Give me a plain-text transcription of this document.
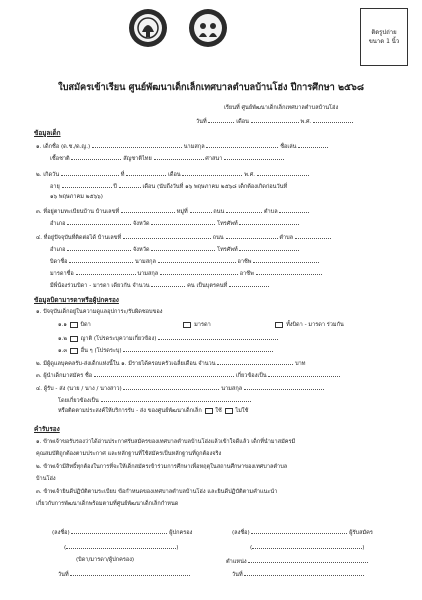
ติดรูปถ่าย
ขนาด 1 นิ้ว
ใบสมัครเข้าเรียน ศูนย์พัฒนาเด็กเล็กเทศบาลตำบลบ้านโฮ่ง ปีการศึกษา ๒๕๖๘
เรียนที่ ศูนย์พัฒนาเด็กเล็กเทศบาลตำบลบ้านโฮ่ง
วันที่	เดือน	พ.ศ.
ข้อมูลเด็ก
๑. เด็กชื่อ (ด.ช./ด.ญ.)	นามสกุล	ชื่อเล่น
เชื้อชาติ	สัญชาติไทย	ศาสนา
๒. เกิดวัน	ที่	เดือน	พ.ศ.
อายุ	ปี	เดือน (นับถึงวันที่ ๑๖ พฤษภาคม ๒๕๖๘ เด็กต้องเกิดก่อนวันที่
๑๖ พฤษภาคม ๒๕๖๖)
๓. ที่อยู่ตามทะเบียนบ้าน บ้านเลขที่	หมู่ที่	ถนน	ตำบล
อำเภอ	จังหวัด	โทรศัพท์
๔. ที่อยู่ปัจจุบันที่ติดต่อได้ บ้านเลขที่	ถนน	ตำบล
อำเภอ	จังหวัด	โทรศัพท์
บิดาชื่อ	นามสกุล	อาชีพ
มารดาชื่อ	นามสกุล	อาชีพ
มีพี่น้องร่วมบิดา - มารดา เดียวกัน จำนวน	คน เป็นบุตรคนที่
ข้อมูลบิดามารดาหรือผู้ปกครอง
๑. ปัจจุบันเด็กอยู่ในความดูแลอุปการะ/รับผิดชอบของ
๑.๑ บิดา	มารดา	ทั้งบิดา - มารดา ร่วมกัน
๑.๒ ญาติ (โปรดระบุความเกี่ยวข้อง)
๑.๓ อื่น ๆ (โปรดระบุ)
๒. มีผู้ดูแลบุคคลรับ-ส่งเด็กแห่งนี้ใน ๑. มีรายได้ครอบครัวเฉลี่ยเดือน จำนวน	บาท
๓. ผู้นำเด็กมาสมัคร ชื่อ	เกี่ยวข้องเป็น
๔. ผู้รับ - ส่ง (นาย / นาง / นางสาว)	นามสกุล
โดยเกี่ยวข้องเป็น
หรือติดตามประสงค์ให้บริการรับ - ส่ง ของศูนย์พัฒนาเด็กเล็ก ใช้ ไม่ใช้
คำรับรอง
๑. ข้าพเจ้าขอรับรองว่าได้อ่านประกาศรับสมัครของเทศบาลตำบลบ้านโฮ่งแล้วเข้าใจดีแล้ว เด็กที่นำมาสมัครมี
คุณสมบัติถูกต้องตามประกาศ และหลักฐานที่ใช้สมัครเป็นหลักฐานที่ถูกต้องจริง
๒. ข้าพเจ้ามีสิทธิ์ทุกต้องในการที่จะให้เด็กสมัครเข้าร่วมการศึกษาเพื่อหฤตุในสถานศึกษาของเทศบาลตำบล
บ้านโฮ่ง
๓. ข้าพเจ้ายินดีปฏิบัติตามระเบียบ ข้อกำหนดของเทศบาลตำบลบ้านโฮ่ง และยินดีปฏิบัติตามคำแนะนำ
เกี่ยวกับการพัฒนาเด็กพร้อมตามที่ศูนย์พัฒนาเด็กเล็กกำหนด
(ลงชื่อ)	ผู้ปกครอง
(	)
(บิดา/มารดา/ผู้ปกครอง)
วันที่
(ลงชื่อ)	ผู้รับสมัคร
(	)
ตำแหน่ง
วันที่
